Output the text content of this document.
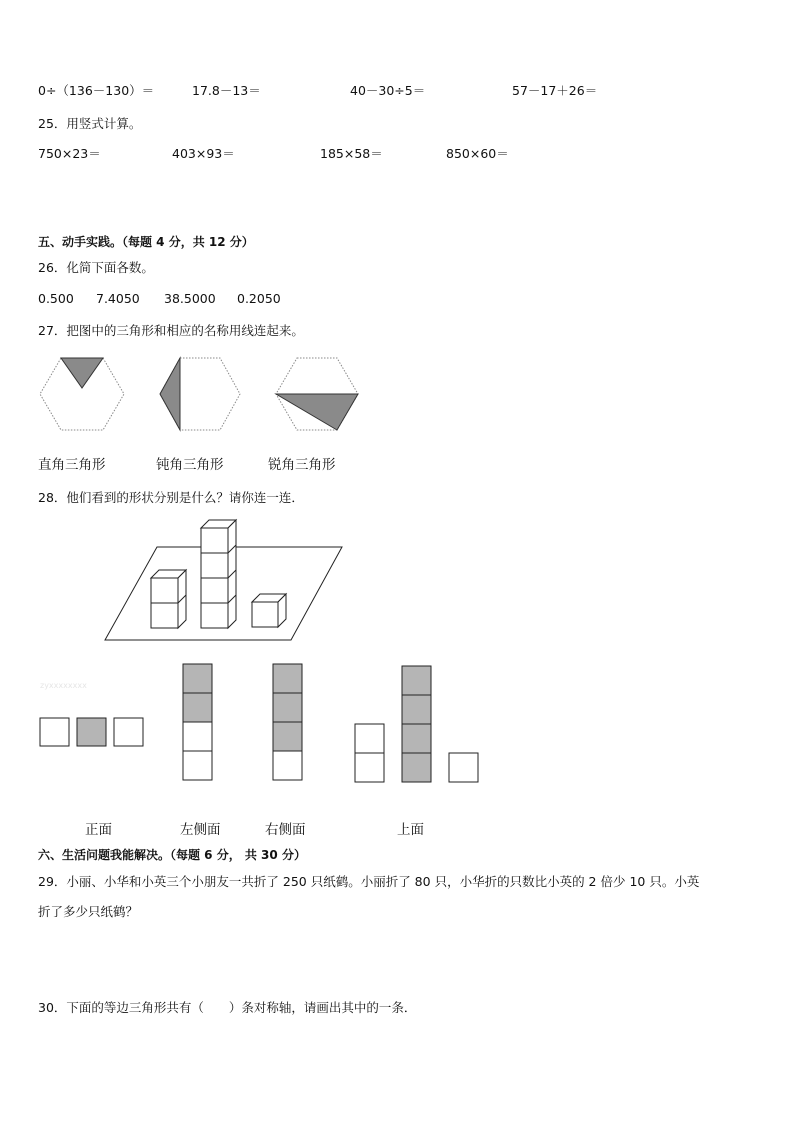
0÷（136－130）＝	17.8－13＝	40－30÷5＝	57－17＋26＝
25．用竖式计算。
750×23＝	403×93＝	185×58＝	850×60＝
五、动手实践。（每题 4 分，共 12 分）
26．化简下面各数。
0.500 7.4050 38.5000 0.2050
27．把图中的三角形和相应的名称用线连起来。
直角三角形	钝角三角形	锐角三角形
28．他们看到的形状分别是什么？请你连一连．
zyxxxxxxxx
正面	左侧面	右侧面	上面
六、生活问题我能解决。（每题 6 分， 共 30 分）
29．小丽、小华和小英三个小朋友一共折了 250 只纸鹤。小丽折了 80 只，小华折的只数比小英的 2 倍少 10 只。小英
折了多少只纸鹤？
30．下面的等边三角形共有（　　）条对称轴，请画出其中的一条．
